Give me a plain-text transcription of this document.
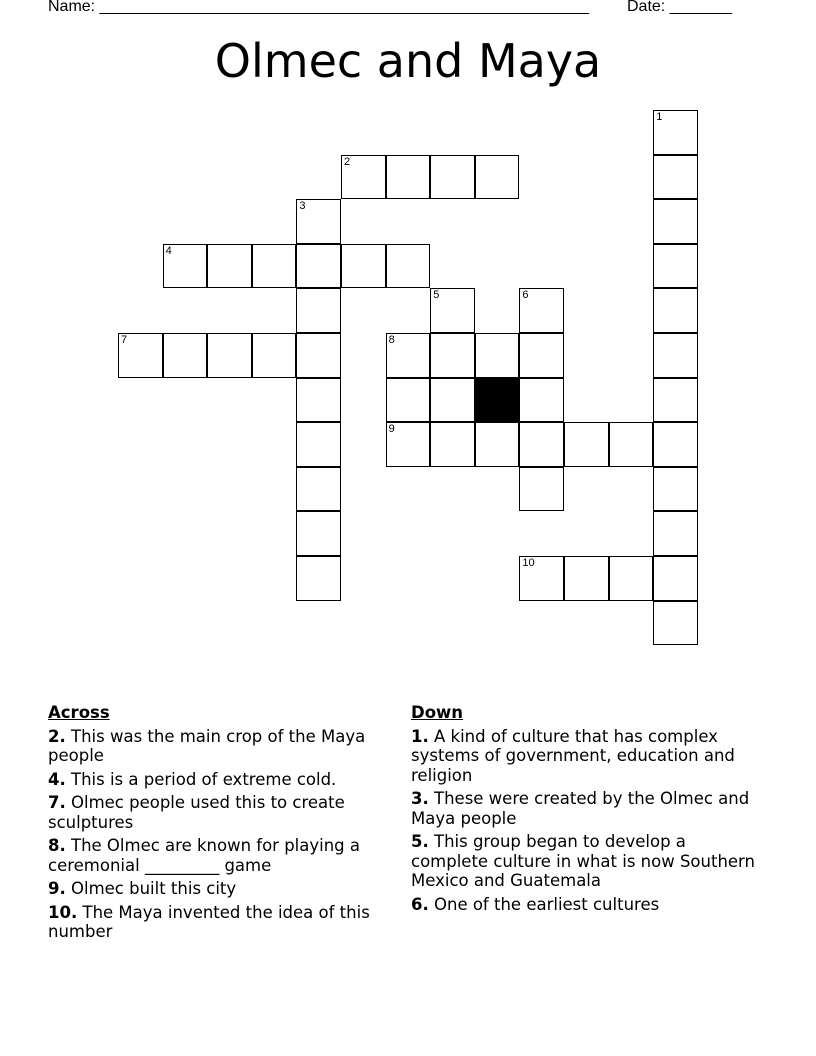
Name: _______________________________________________________ Date: _______
Olmec and Maya
1
2
3
4
5	6
7	8
9
10
Across
2. This was the main crop of the Maya people
4. This is a period of extreme cold.
7. Olmec people used this to create sculptures
8. The Olmec are known for playing a ceremonial _________ game
9. Olmec built this city
10. The Maya invented the idea of this number
Down
1. A kind of culture that has complex systems of government, education and religion
3. These were created by the Olmec and Maya people
5. This group began to develop a complete culture in what is now Southern Mexico and Guatemala
6. One of the earliest cultures
